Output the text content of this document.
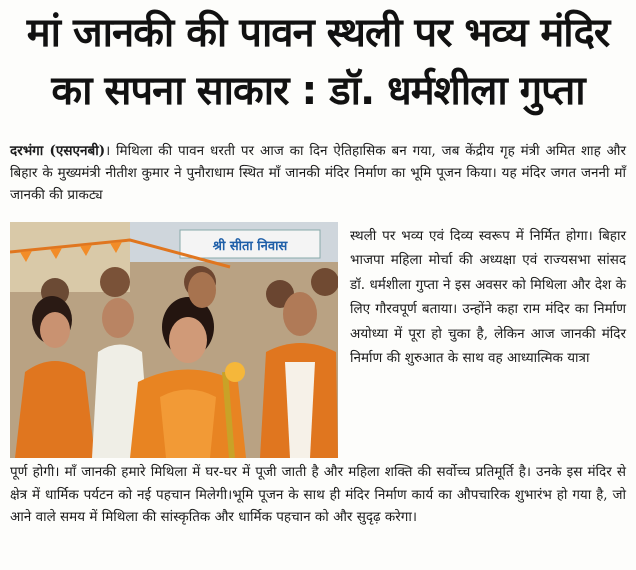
मां जानकी की पावन स्थली पर भव्य मंदिर
का सपना साकार : डॉ. धर्मशीला गुप्ता
दरभंगा (एसएनबी)। मिथिला की पावन धरती पर आज का दिन ऐतिहासिक बन गया, जब केंद्रीय गृह मंत्री अमित शाह और बिहार के मुख्यमंत्री नीतीश कुमार ने पुनौराधाम स्थित माँ जानकी मंदिर निर्माण का भूमि पूजन किया। यह मंदिर जगत जननी माँ जानकी की प्राकट्य
श्री सीता निवास
स्थली पर भव्य एवं दिव्य स्वरूप में निर्मित होगा। बिहार भाजपा महिला मोर्चा की अध्यक्षा एवं राज्यसभा सांसद डॉ. धर्मशीला गुप्ता ने इस अवसर को मिथिला और देश के लिए गौरवपूर्ण बताया। उन्होंने कहा राम मंदिर का निर्माण अयोध्या में पूरा हो चुका है, लेकिन आज जानकी मंदिर निर्माण की शुरुआत के साथ वह आध्यात्मिक यात्रा
पूर्ण होगी। माँ जानकी हमारे मिथिला में घर-घर में पूजी जाती है और महिला शक्ति की सर्वोच्च प्रतिमूर्ति है। उनके इस मंदिर से क्षेत्र में धार्मिक पर्यटन को नई पहचान मिलेगी।भूमि पूजन के साथ ही मंदिर निर्माण कार्य का औपचारिक शुभारंभ हो गया है, जो आने वाले समय में मिथिला की सांस्कृतिक और धार्मिक पहचान को और सुदृढ़ करेगा।
